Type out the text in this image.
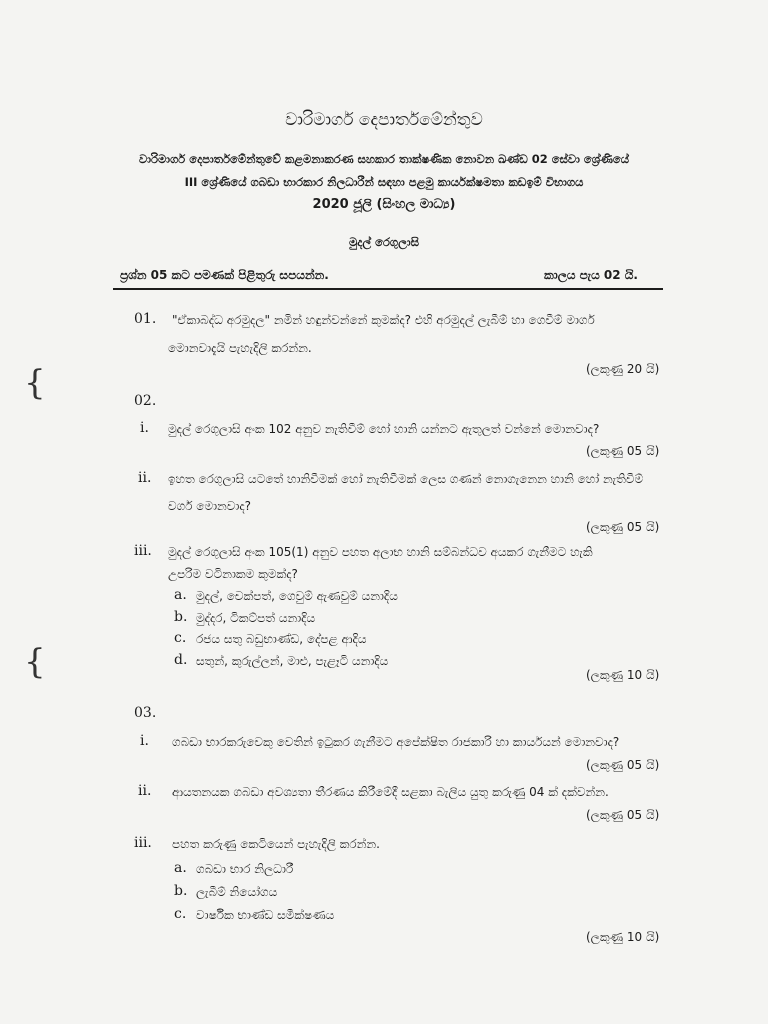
වාරිමාර්ග දෙපාර්තමේන්තුව
වාරිමාර්ග දෙපාර්තමේන්තුවේ කළමනාකරණ සහකාර තාක්ෂණික නොවන ඛණ්ඩ 02 සේවා ශ්‍රේණියේ
III ශ්‍රේණියේ ගබඩා භාරකාර නිලධාරීන් සඳහා පළමු කාර්යක්ෂමතා කඩඉම් විභාගය
2020 ජූලි (සිංහල මාධ්‍ය)
මුදල් රෙගුලාසි
ප්‍රශ්න 05 කට පමණක් පිළිතුරු සපයන්න.	කාලය පැය 02 යි.
{
{
01. "ඒකාබද්ධ අරමුදල" නමින් හඳුන්වන්නේ කුමක්ද? එහි අරමුදල් ලැබීම් හා ගෙවීම් මාර්ග
මොනවාදැයි පැහැදිලි කරන්න.
(ලකුණු 20 යි)
02.
i. මුදල් රෙගුලාසි අංක 102 අනුව නැතිවීම් හෝ හානි යන්නට ඇතුලත් වන්නේ මොනවාද?
(ලකුණු 05 යි)
ii. ඉහත රෙගුලාසි යටතේ හානිවීමක් හෝ නැතිවීමක් ලෙස ගණන් නොගැනෙන හානි හෝ නැතිවීම්
වර්ග මොනවාද?
(ලකුණු 05 යි)
iii. මුදල් රෙගුලාසි අංක 105(1) අනුව පහත අලාභ හානි සම්බන්ධව අයකර ගැනීමට හැකි
උපරිම වටිනාකම කුමක්ද?
a. මුදල්, චෙක්පත්, ගෙවුම් ඇණවුම් යනාදිය
b. මුද්දර, ටිකට්පත් යනාදිය
c. රජය සතු බඩුභාණ්ඩ, දේපළ ආදිය
d. සතුන්, කුරුල්ලන්, මාළු, පැළෑටි යනාදිය
(ලකුණු 10 යි)
03.
i. ගබඩා භාරකරුවෙකු වෙතින් ඉටුකර ගැනීමට අපේක්ෂිත රාජකාරි හා කාර්යයන් මොනවාද?
(ලකුණු 05 යි)
ii. ආයතනයක ගබඩා අවශ්‍යතා තීරණය කිරීමේදී සළකා බැලිය යුතු කරුණු 04 ක් දක්වන්න.
(ලකුණු 05 යි)
iii. පහත කරුණු කෙටියෙන් පැහැදිලි කරන්න.
a. ගබඩා භාර නිලධාරී
b. ලැබීම් නියෝගය
c. වාර්ෂික භාණ්ඩ සමීක්ෂණය
(ලකුණු 10 යි)
